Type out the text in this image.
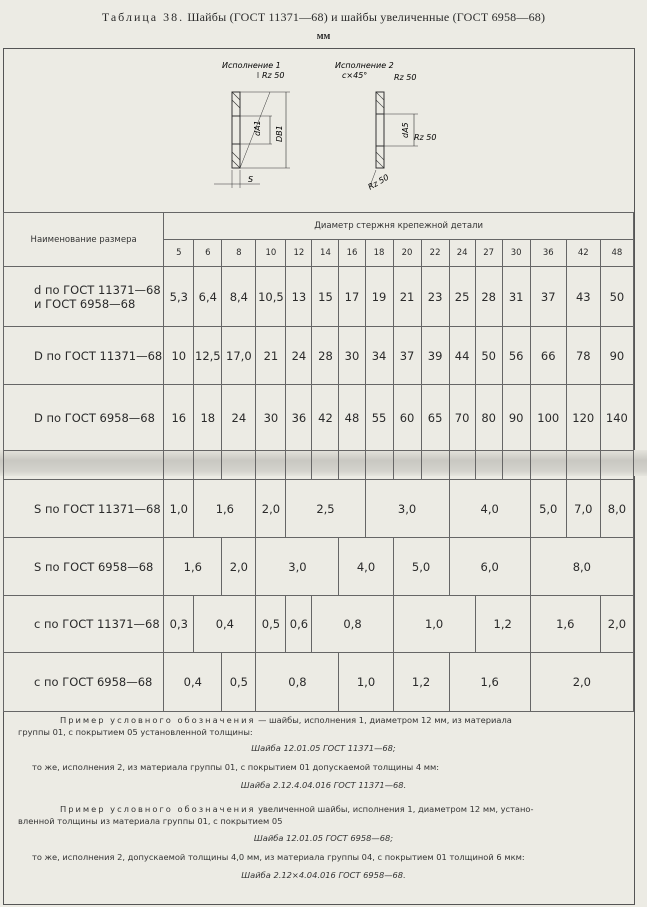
Таблица 38. Шайбы (ГОСТ 11371—68) и шайбы увеличенные (ГОСТ 6958—68)
мм
Исполнение 1
Rz 50
dА1 DВ1
S
Исполнение 2
c×45°	Rz 50
dА5 Rz 50
Rz 50
Наименование размера	Диаметр стержня крепежной детали															
	5	6	8	10	12	14	16	18	20	22	24	27	30	36	42	48
d по ГОСТ 11371—68
и ГОСТ 6958—68	5,3	6,4	8,4	10,5	13	15	17	19	21	23	25	28	31	37	43	50
D по ГОСТ 11371—68	10	12,5	17,0	21	24	28	30	34	37	39	44	50	56	66	78	90
D по ГОСТ 6958—68	16	18	24	30	36	42	48	55	60	65	70	80	90	100	120	140

S по ГОСТ 11371—68	1,0	1,6		2,0	2,5			3,0			4,0			5,0	7,0	8,0
S по ГОСТ 6958—68	1,6		2,0	3,0			4,0		5,0		6,0			8,0		
c по ГОСТ 11371—68	0,3	0,4		0,5	0,6	0,8			1,0			1,2		1,6		2,0
c по ГОСТ 6958—68	0,4		0,5	0,8			1,0		1,2		1,6			2,0		

Пример условного обозначения — шайбы, исполнения 1, диаметром 12 мм, из материала

группы 01, с покрытием 05 установленной толщины:

Шайба 12.01.05 ГОСТ 11371—68;

то же, исполнения 2, из материала группы 01, с покрытием 01 допускаемой толщины 4 мм:

Шайба 2.12.4.04.016 ГОСТ 11371—68.

Пример условного обозначения увеличенной шайбы, исполнения 1, диаметром 12 мм, устано-

вленной толщины из материала группы 01, с покрытием 05

Шайба 12.01.05 ГОСТ 6958—68;

то же, исполнения 2, допускаемой толщины 4,0 мм, из материала группы 04, с покрытием 01 толщиной 6 мкм:

Шайба 2.12×4.04.016 ГОСТ 6958—68.
